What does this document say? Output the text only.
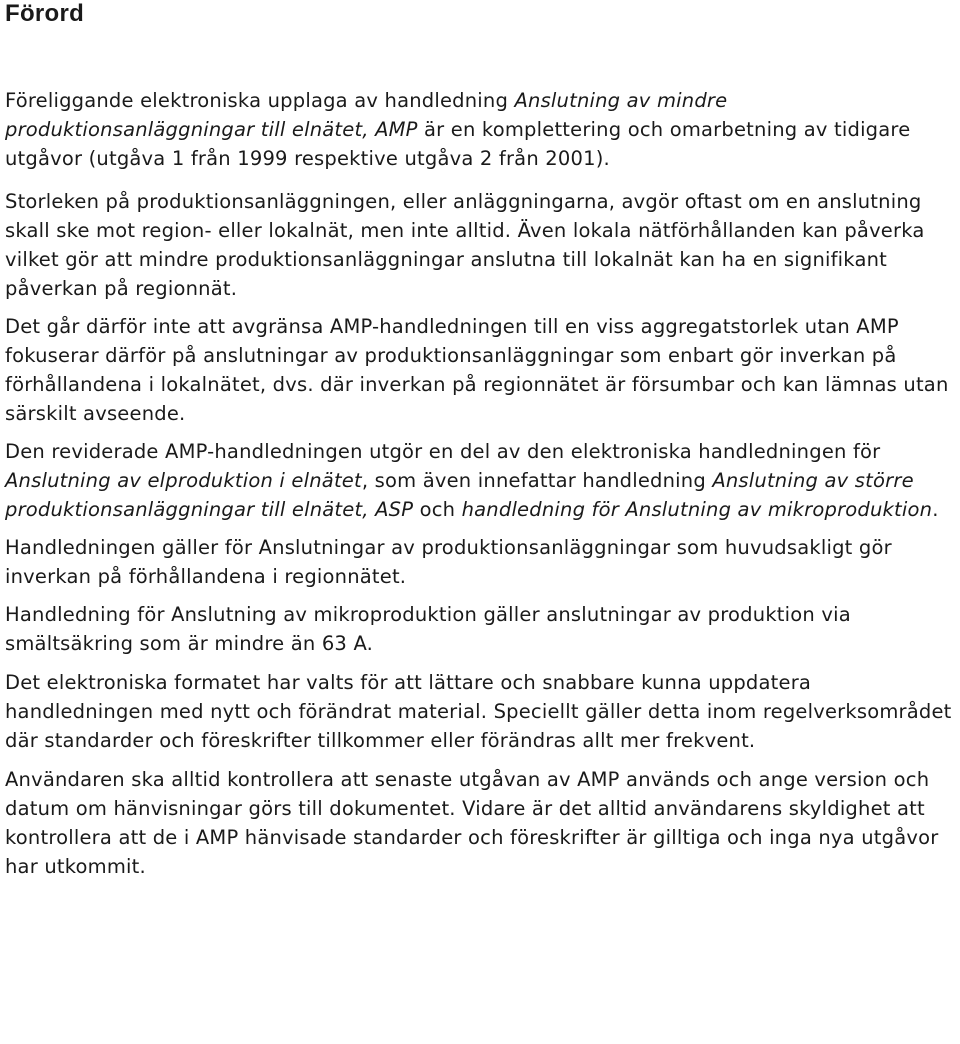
Förord

Föreliggande elektroniska upplaga av handledning Anslutning av mindre produktionsanläggningar till elnätet, AMP är en komplettering och omarbetning av tidigare utgåvor (utgåva 1 från 1999 respektive utgåva 2 från 2001).

Storleken på produktionsanläggningen, eller anläggningarna, avgör oftast om en anslutning skall ske mot region- eller lokalnät, men inte alltid. Även lokala nätförhållanden kan påverka vilket gör att mindre produktionsanläggningar anslutna till lokalnät kan ha en signifikant påverkan på regionnät.

Det går därför inte att avgränsa AMP-handledningen till en viss aggregatstorlek utan AMP fokuserar därför på anslutningar av produktionsanläggningar som enbart gör inverkan på förhållandena i lokalnätet, dvs. där inverkan på regionnätet är försumbar och kan lämnas utan särskilt avseende.

Den reviderade AMP-handledningen utgör en del av den elektroniska handledningen för Anslutning av elproduktion i elnätet, som även innefattar handledning Anslutning av större produktionsanläggningar till elnätet, ASP och handledning för Anslutning av mikroproduktion.

Handledningen gäller för Anslutningar av produktionsanläggningar som huvudsakligt gör inverkan på förhållandena i regionnätet.

Handledning för Anslutning av mikroproduktion gäller anslutningar av produktion via smältsäkring som är mindre än 63 A.

Det elektroniska formatet har valts för att lättare och snabbare kunna uppdatera handledningen med nytt och förändrat material. Speciellt gäller detta inom regelverksområdet där standarder och föreskrifter tillkommer eller förändras allt mer frekvent.

Användaren ska alltid kontrollera att senaste utgåvan av AMP används och ange version och datum om hänvisningar görs till dokumentet. Vidare är det alltid användarens skyldighet att kontrollera att de i AMP hänvisade standarder och föreskrifter är gilltiga och inga nya utgåvor har utkommit.
